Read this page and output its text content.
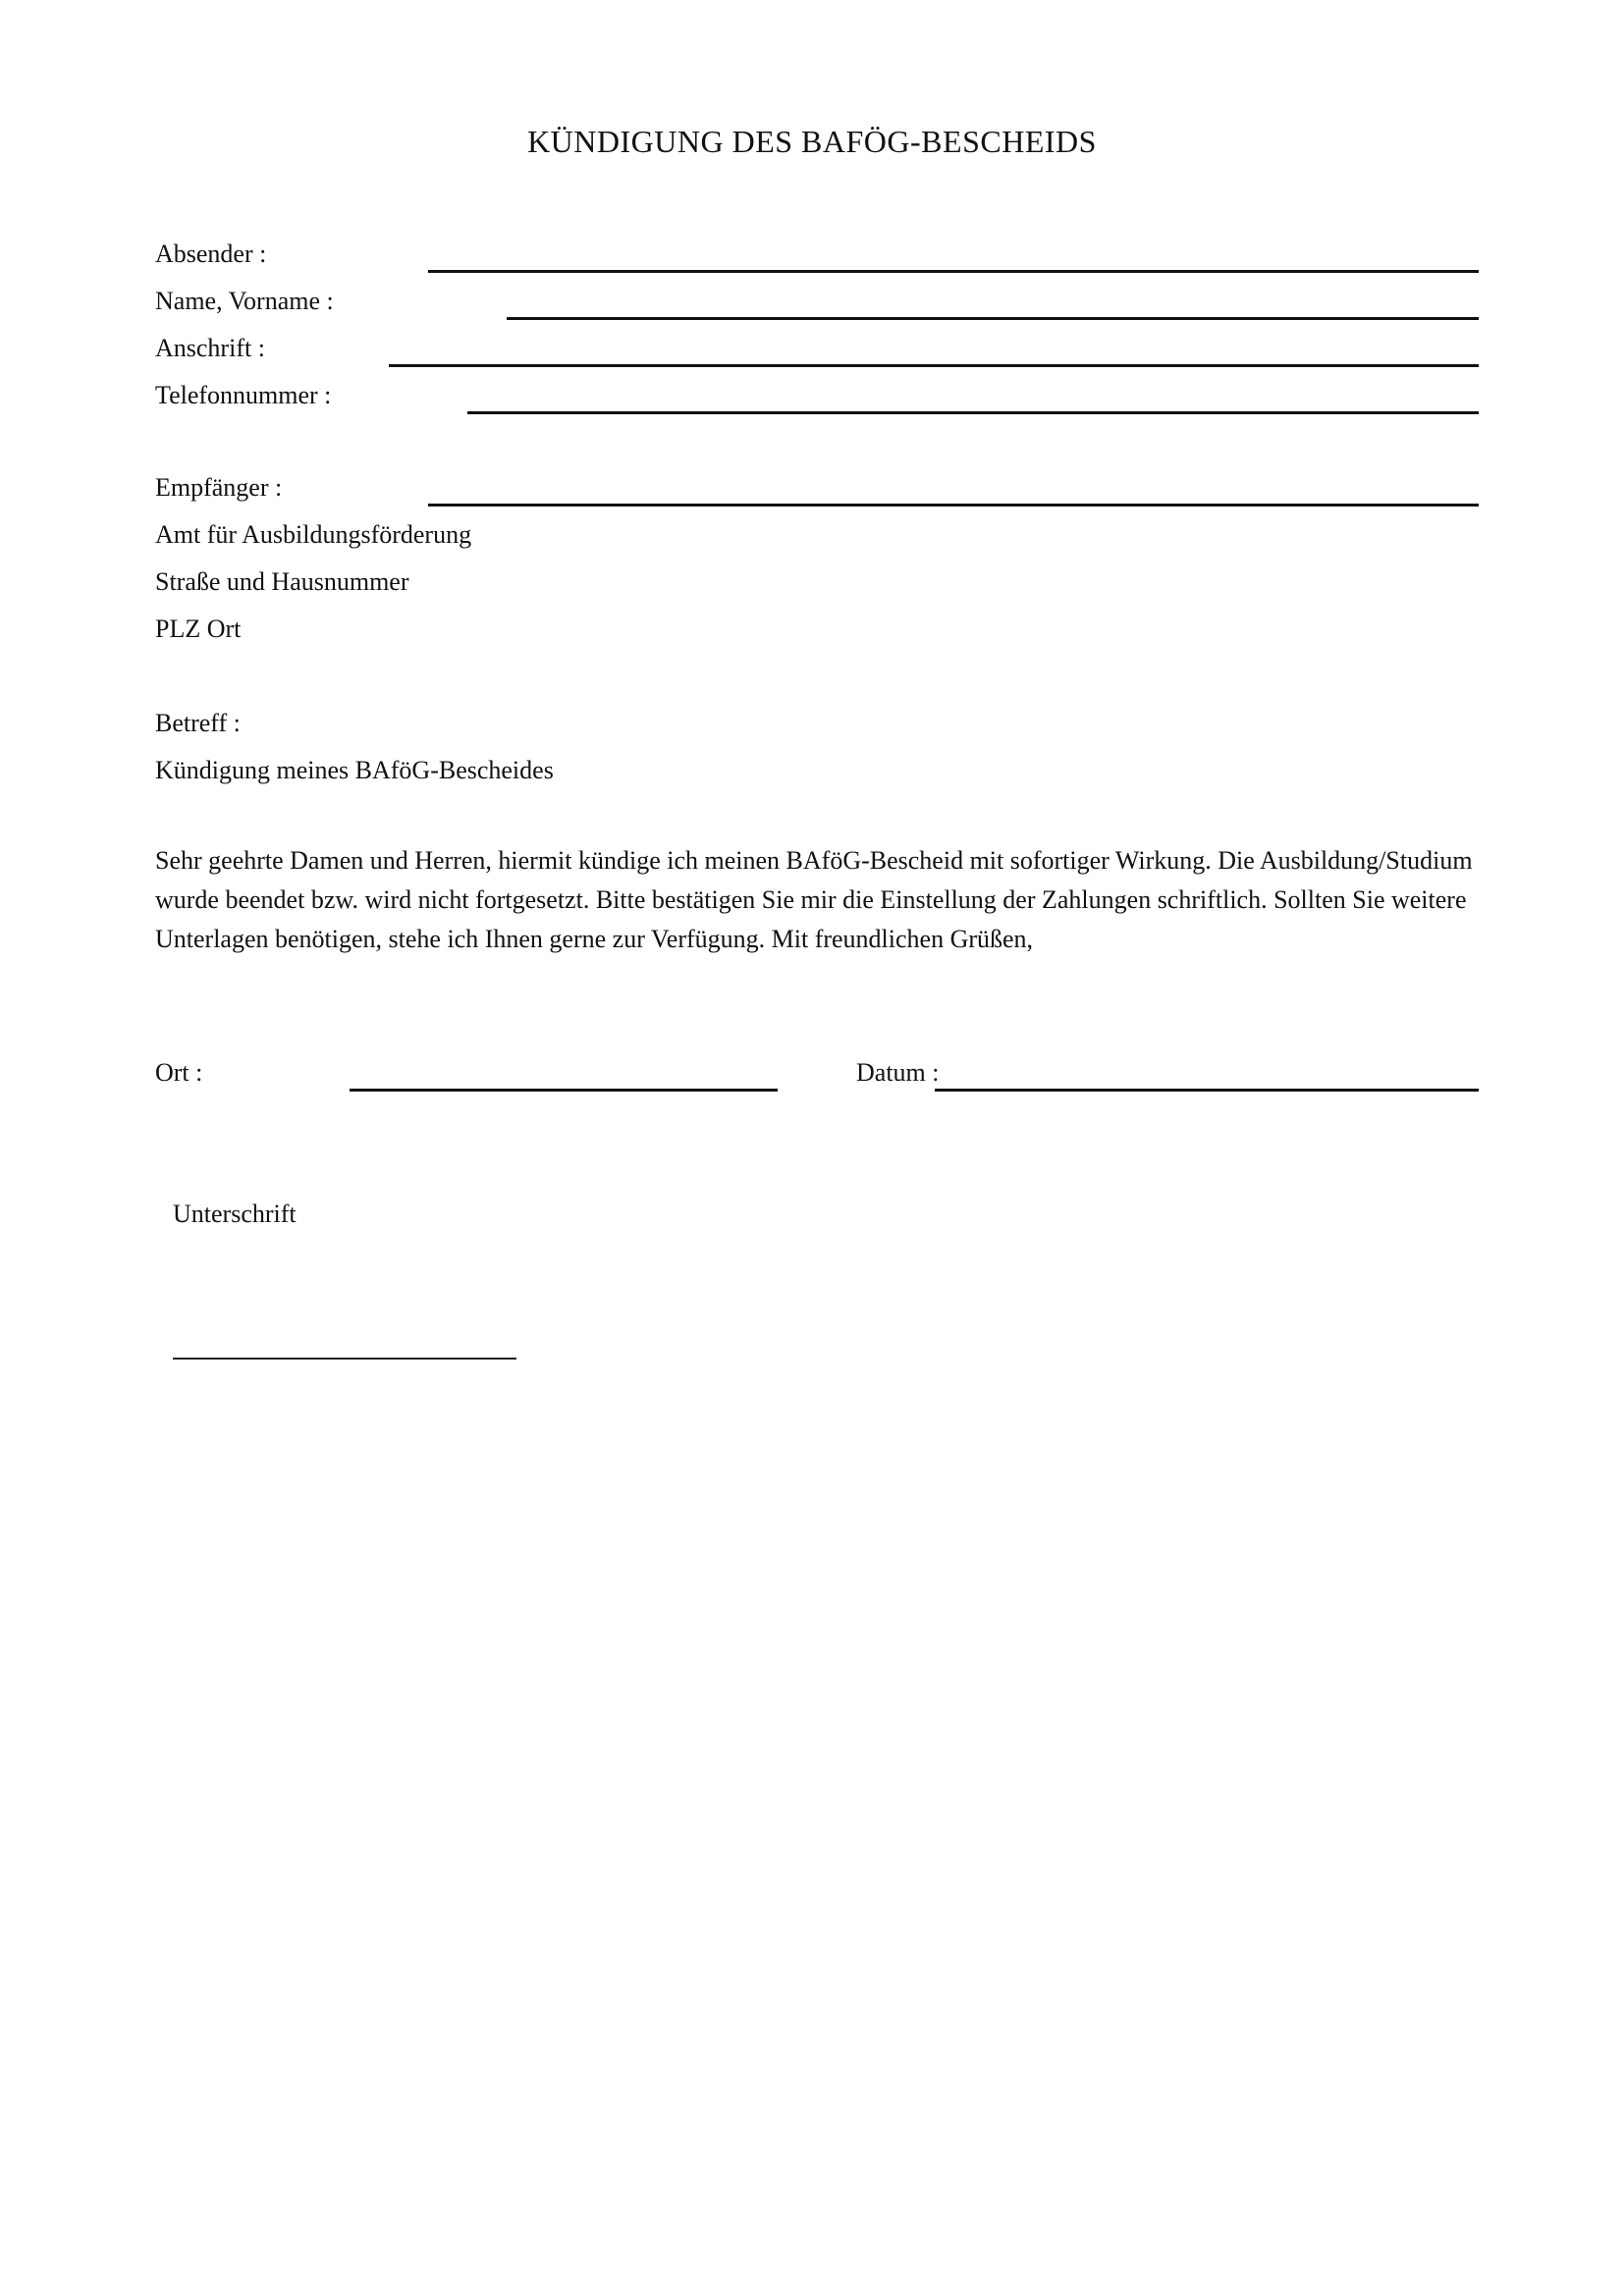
KÜNDIGUNG DES BAFÖG-BESCHEIDS
Absender :
Name, Vorname :
Anschrift :
Telefonnummer :
Empfänger :
Amt für Ausbildungsförderung
Straße und Hausnummer
PLZ Ort
Betreff :
Kündigung meines BAföG-Bescheides
Sehr geehrte Damen und Herren, hiermit kündige ich meinen BAföG-Bescheid mit sofortiger Wirkung. Die Ausbildung/Studium wurde beendet bzw. wird nicht fortgesetzt. Bitte bestätigen Sie mir die Einstellung der Zahlungen schriftlich. Sollten Sie weitere Unterlagen benötigen, stehe ich Ihnen gerne zur Verfügung. Mit freundlichen Grüßen,
Ort :	Datum :
Unterschrift
